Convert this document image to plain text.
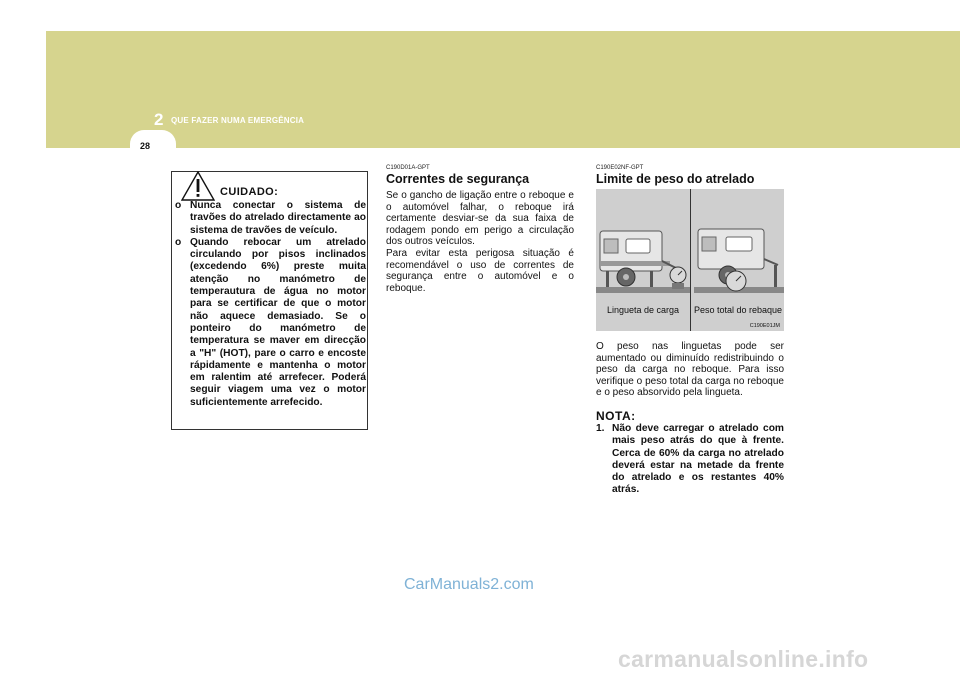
2 QUE FAZER NUMA EMERGÊNCIA
28
CUIDADO:
o Nunca conectar o sistema de travões do atrelado directamente ao sistema de travões de veículo.
o Quando rebocar um atrelado circulando por pisos inclinados (excedendo 6%) preste muita atenção no manómetro de temperautura de água no motor para se certificar de que o motor não aquece demasiado. Se o ponteiro do manómetro de temperatura se maver em direcção a "H" (HOT), pare o carro e encoste rápidamente e mantenha o motor em ralentim até arrefecer. Poderá seguir viagem uma vez o motor suficientemente arrefecido.
C190D01A-GPT
Correntes de segurança

Se o gancho de ligação entre o reboque e o automóvel falhar, o reboque irá certamente desviar-se da sua faixa de rodagem pondo em perigo a circulação dos outros veículos.

Para evitar esta perigosa situação é recomendável o uso de correntes de segurança entre o automóvel e o reboque.

C190E02NF-GPT
Limite de peso do atrelado
Lingueta de carga	Peso total do rebaque
C190E01JM

O peso nas linguetas pode ser aumentado ou diminuído redistribuindo o peso da carga no reboque. Para isso verifique o peso total da carga no reboque e o peso absorvido pela lingueta.

NOTA:
1. Não deve carregar o atrelado com mais peso atrás do que à frente. Cerca de 60% da carga no atrelado deverá estar na metade da frente do atrelado e os restantes 40% atrás.
CarManuals2.com
carmanualsonline.info
